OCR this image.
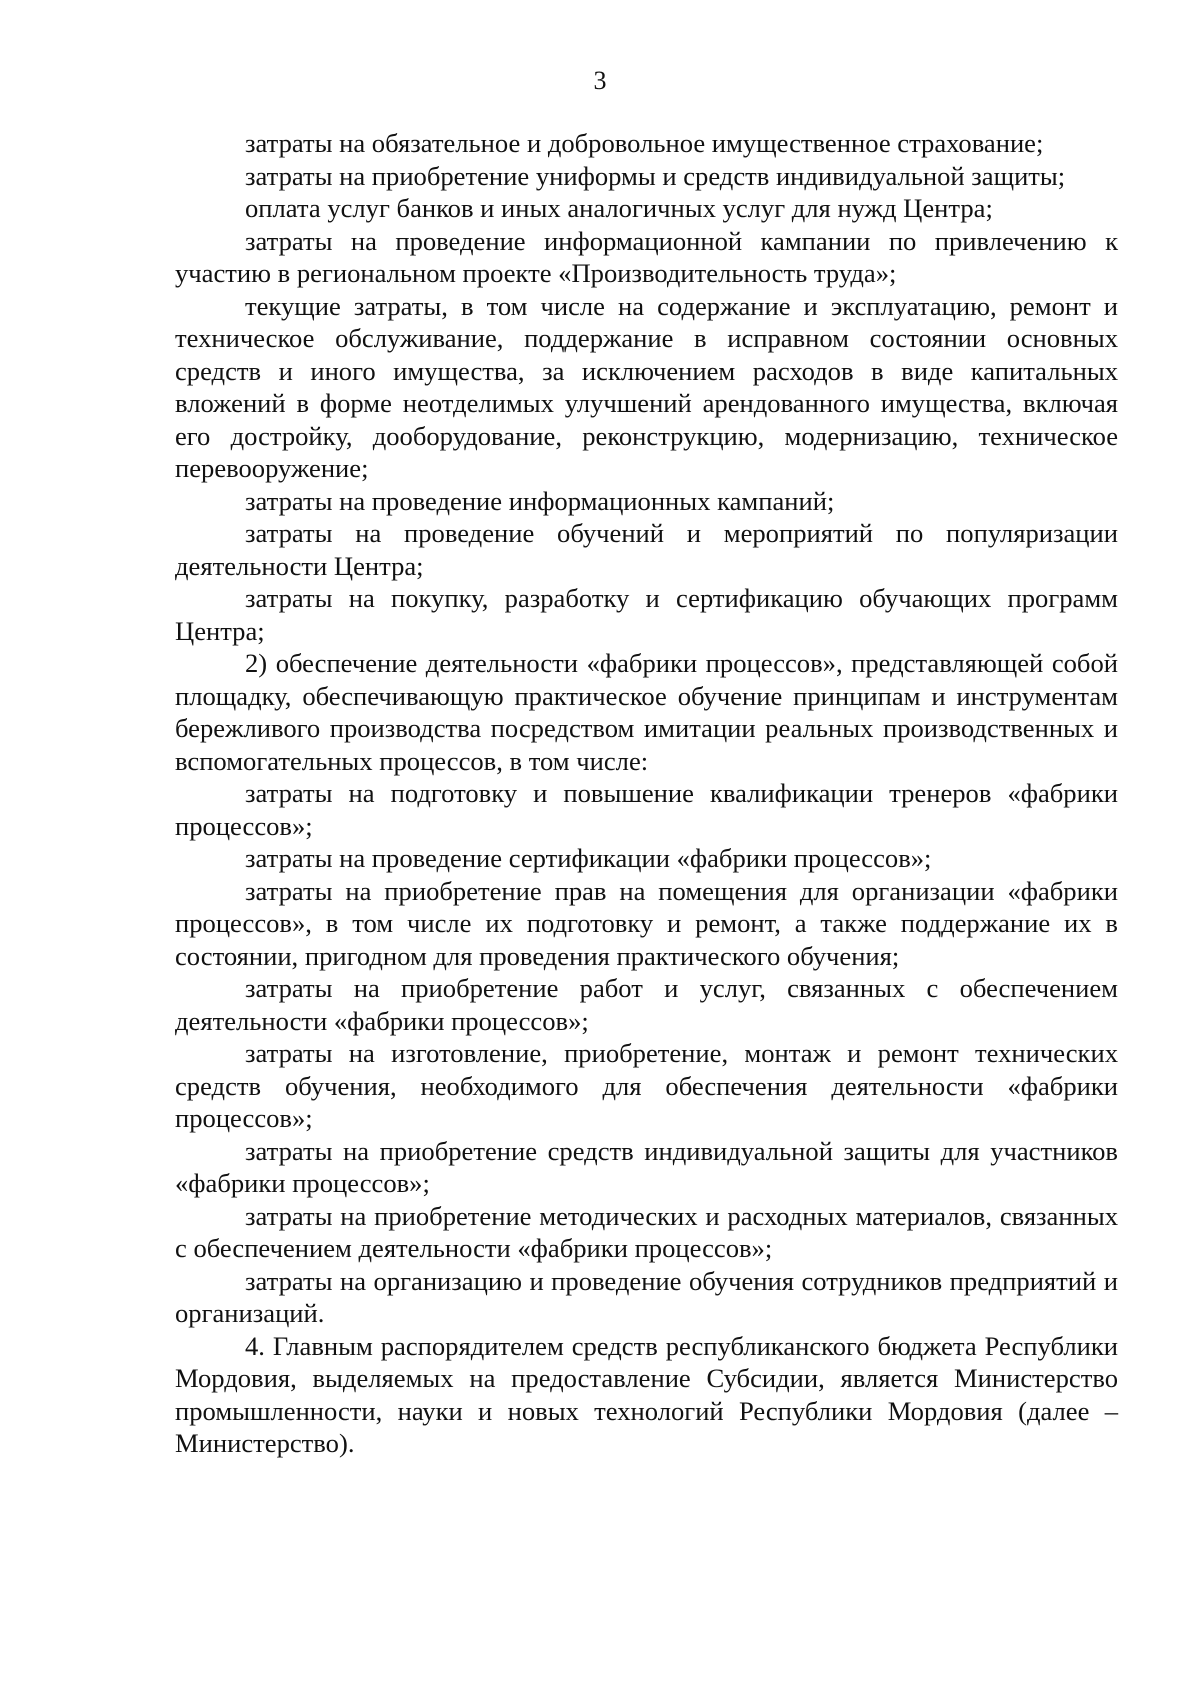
3

затраты на обязательное и добровольное имущественное страхование;

затраты на приобретение униформы и средств индивидуальной защиты;

оплата услуг банков и иных аналогичных услуг для нужд Центра;

затраты на проведение информационной кампании по привлечению к участию в региональном проекте «Производительность труда»;

текущие затраты, в том числе на содержание и эксплуатацию, ремонт и техническое обслуживание, поддержание в исправном состоянии основных средств и иного имущества, за исключением расходов в виде капитальных вложений в форме неотделимых улучшений арендованного имущества, включая его достройку, дооборудование, реконструкцию, модернизацию, техническое перевооружение;

затраты на проведение информационных кампаний;

затраты на проведение обучений и мероприятий по популяризации деятельности Центра;

затраты на покупку, разработку и сертификацию обучающих программ Центра;

2) обеспечение деятельности «фабрики процессов», представляющей собой площадку, обеспечивающую практическое обучение принципам и инструментам бережливого производства посредством имитации реальных производственных и вспомогательных процессов, в том числе:

затраты на подготовку и повышение квалификации тренеров «фабрики процессов»;

затраты на проведение сертификации «фабрики процессов»;

затраты на приобретение прав на помещения для организации «фабрики процессов», в том числе их подготовку и ремонт, а также поддержание их в состоянии, пригодном для проведения практического обучения;

затраты на приобретение работ и услуг, связанных с обеспечением деятельности «фабрики процессов»;

затраты на изготовление, приобретение, монтаж и ремонт технических средств обучения, необходимого для обеспечения деятельности «фабрики процессов»;

затраты на приобретение средств индивидуальной защиты для участников «фабрики процессов»;

затраты на приобретение методических и расходных материалов, связанных с обеспечением деятельности «фабрики процессов»;

затраты на организацию и проведение обучения сотрудников предприятий и организаций.

4. Главным распорядителем средств республиканского бюджета Республики Мордовия, выделяемых на предоставление Субсидии, является Министерство промышленности, науки и новых технологий Республики Мордовия (далее – Министерство).
